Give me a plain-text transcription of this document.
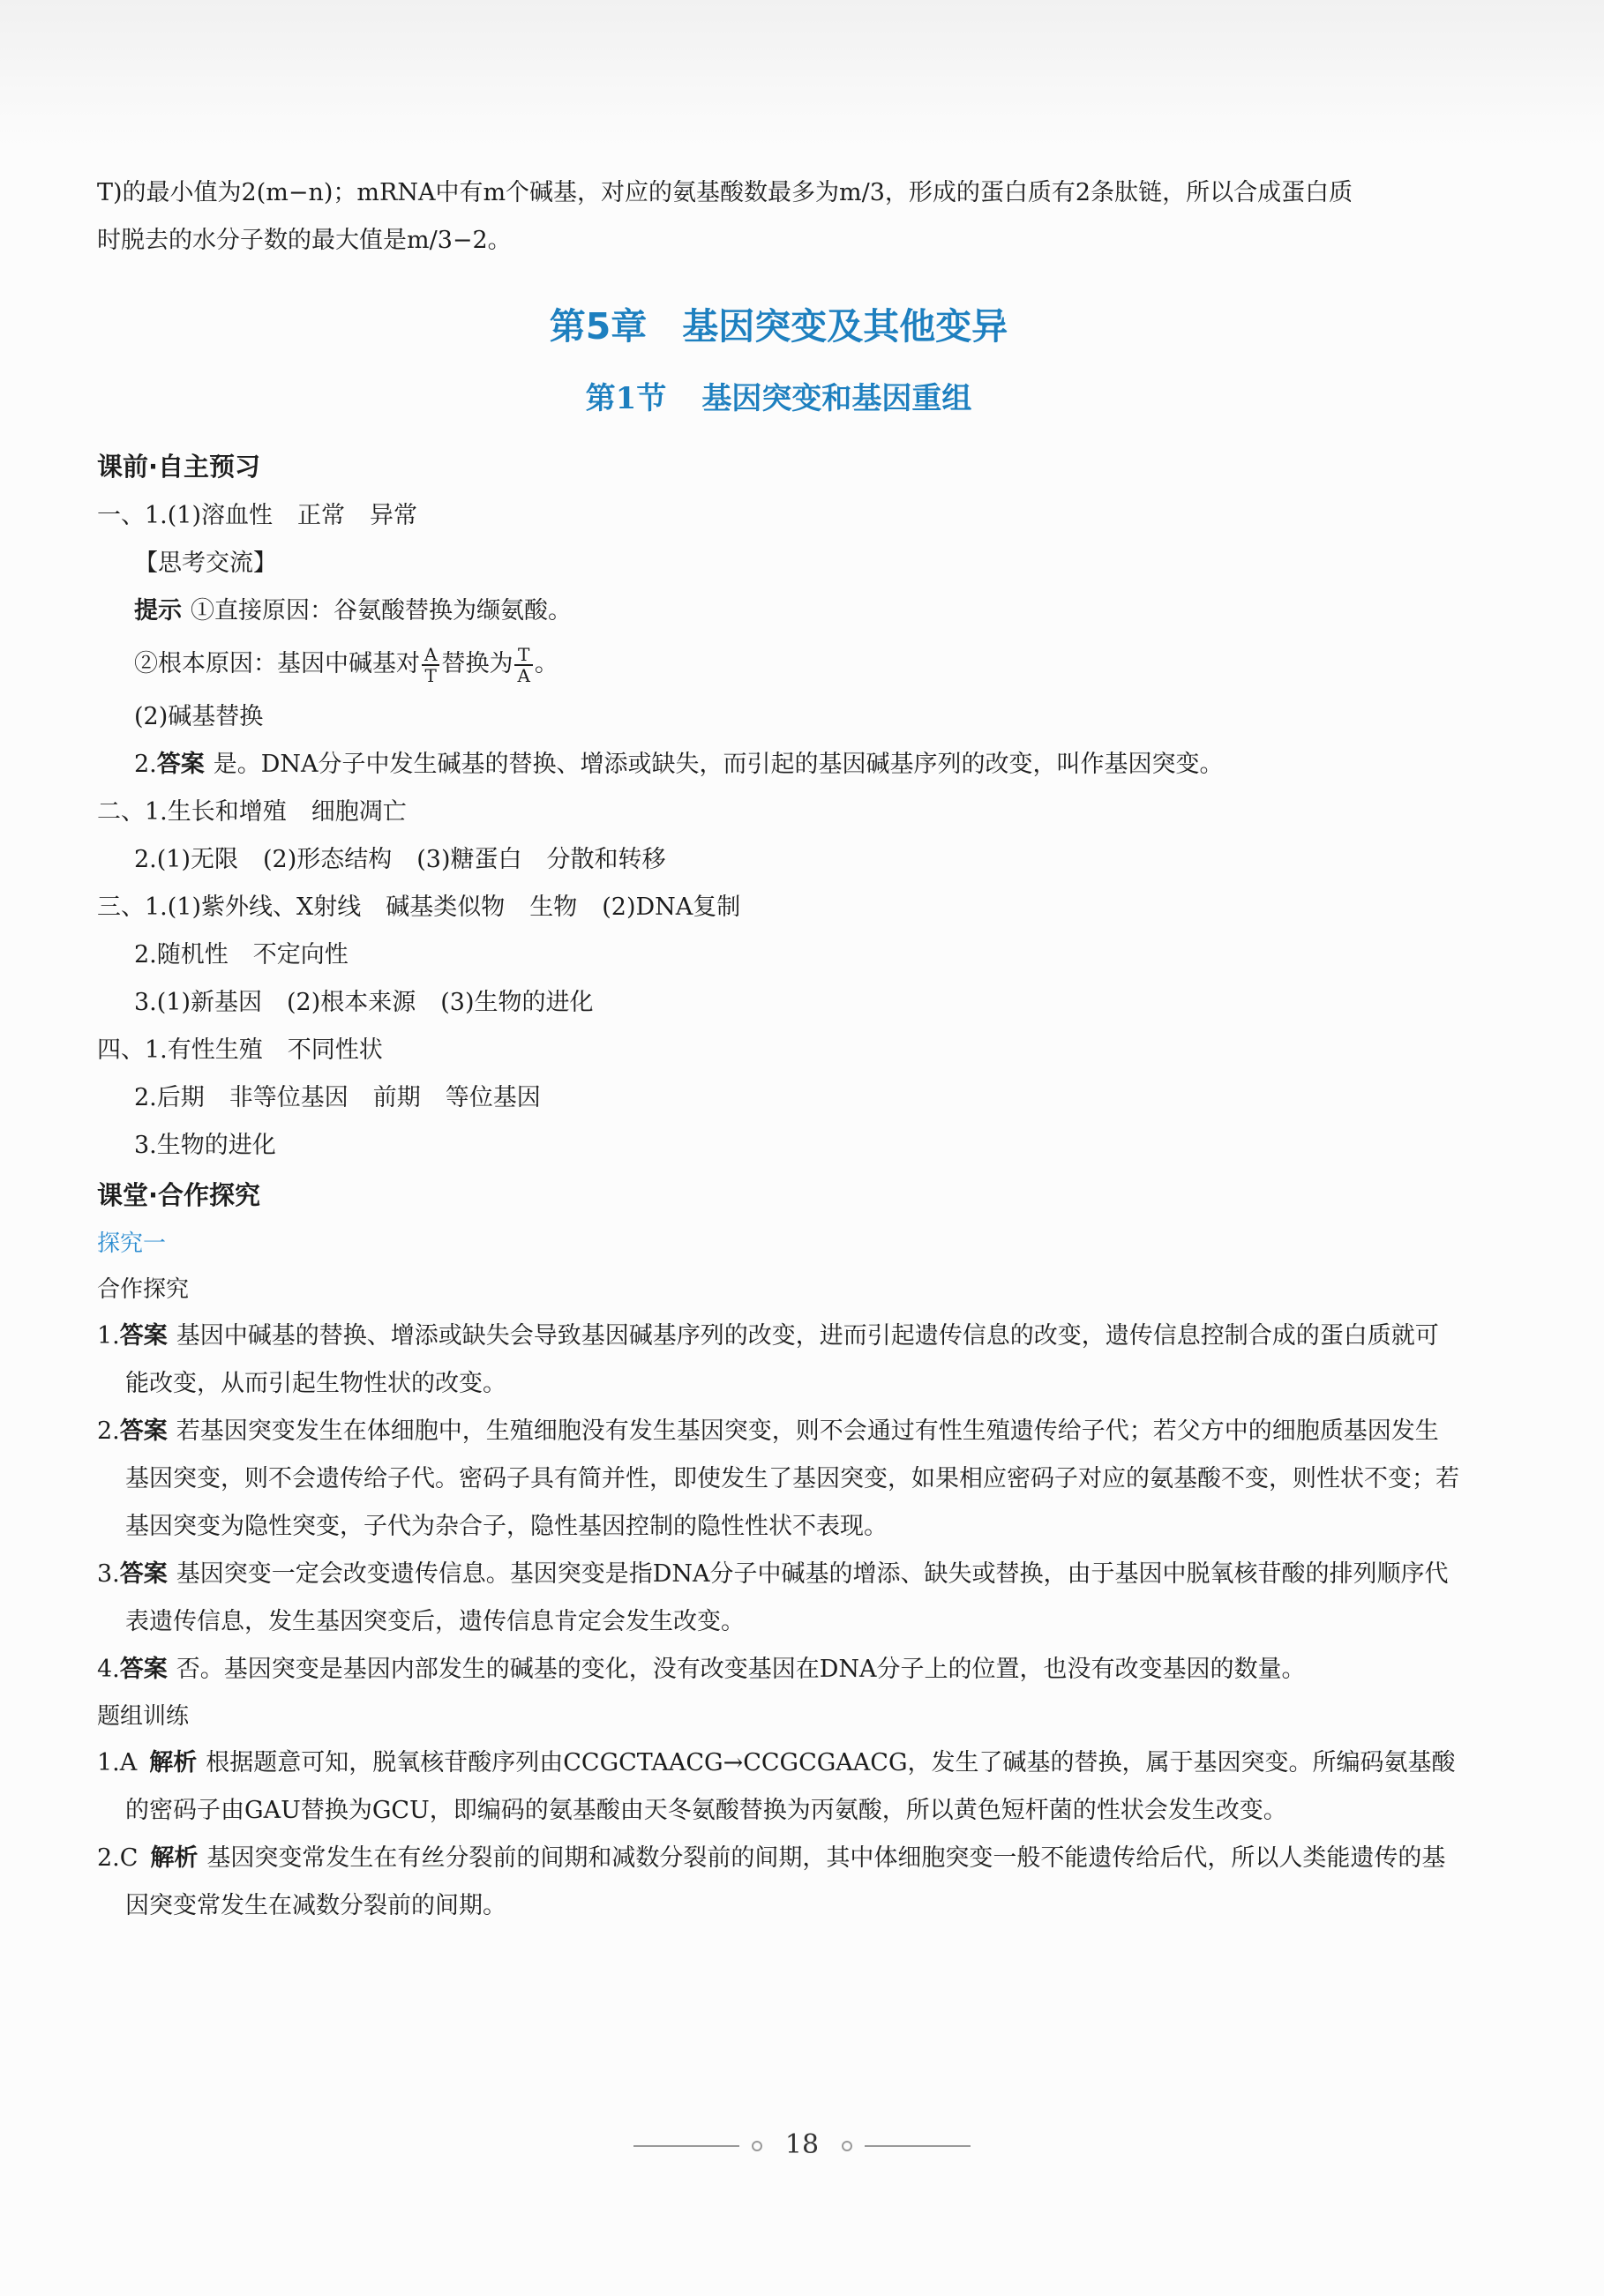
T)的最小值为2(m−n)；mRNA中有m个碱基，对应的氨基酸数最多为m/3，形成的蛋白质有2条肽链，所以合成蛋白质
时脱去的水分子数的最大值是m/3−2。
第5章 基因突变及其他变异
第1节 基因突变和基因重组
课前·自主预习
一、1.(1)溶血性 正常 异常
【思考交流】
提示 ①直接原因：谷氨酸替换为缬氨酸。
②根本原因：基因中碱基对 $\frac{A}{T}$ 替换为 $\frac{T}{A}$ 。
(2)碱基替换
2.答案 是。DNA分子中发生碱基的替换、增添或缺失，而引起的基因碱基序列的改变，叫作基因突变。
二、1.生长和增殖 细胞凋亡
2.(1)无限 (2)形态结构 (3)糖蛋白 分散和转移
三、1.(1)紫外线、X射线 碱基类似物 生物 (2)DNA复制
2.随机性 不定向性
3.(1)新基因 (2)根本来源 (3)生物的进化
四、1.有性生殖 不同性状
2.后期 非等位基因 前期 等位基因
3.生物的进化
课堂·合作探究
探究一
合作探究
1.答案 基因中碱基的替换、增添或缺失会导致基因碱基序列的改变，进而引起遗传信息的改变，遗传信息控制合成的蛋白质就可能改变，从而引起生物性状的改变。
2.答案 若基因突变发生在体细胞中，生殖细胞没有发生基因突变，则不会通过有性生殖遗传给子代；若父方中的细胞质基因发生基因突变，则不会遗传给子代。密码子具有简并性，即使发生了基因突变，如果相应密码子对应的氨基酸不变，则性状不变；若基因突变为隐性突变，子代为杂合子，隐性基因控制的隐性性状不表现。
3.答案 基因突变一定会改变遗传信息。基因突变是指DNA分子中碱基的增添、缺失或替换，由于基因中脱氧核苷酸的排列顺序代表遗传信息，发生基因突变后，遗传信息肯定会发生改变。
4.答案 否。基因突变是基因内部发生的碱基的变化，没有改变基因在DNA分子上的位置，也没有改变基因的数量。
题组训练
1.A 解析 根据题意可知，脱氧核苷酸序列由CCGCTAACG→CCGCGAACG，发生了碱基的替换，属于基因突变。所编码氨基酸的密码子由GAU替换为GCU，即编码的氨基酸由天冬氨酸替换为丙氨酸，所以黄色短杆菌的性状会发生改变。
2.C 解析 基因突变常发生在有丝分裂前的间期和减数分裂前的间期，其中体细胞突变一般不能遗传给后代，所以人类能遗传的基因突变常发生在减数分裂前的间期。
18
